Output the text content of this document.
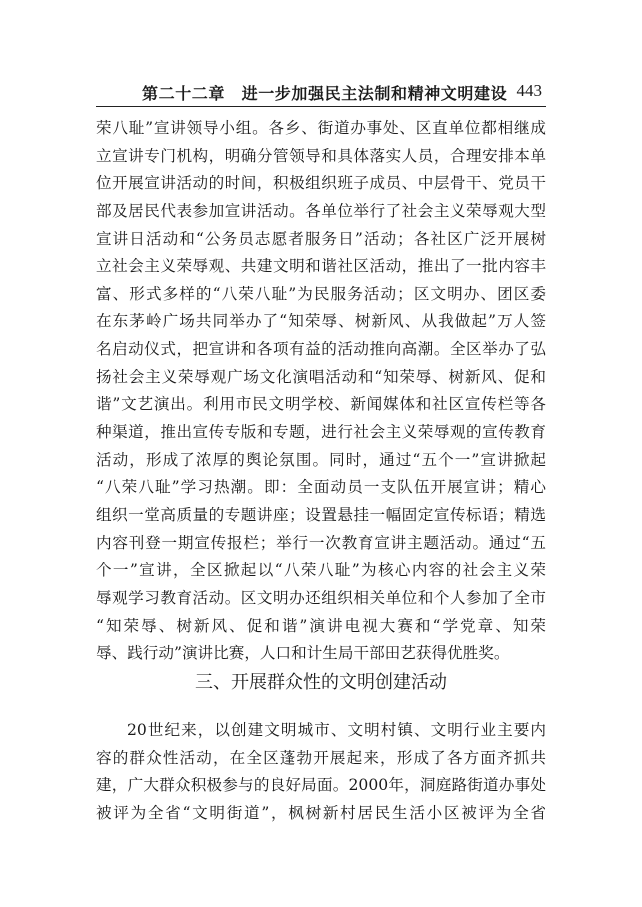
第二十二章　进一步加强民主法制和精神文明建设 443
荣八耻”宣讲领导小组。各乡、街道办事处、区直单位都相继成
立宣讲专门机构，明确分管领导和具体落实人员，合理安排本单
位开展宣讲活动的时间，积极组织班子成员、中层骨干、党员干
部及居民代表参加宣讲活动。各单位举行了社会主义荣辱观大型
宣讲日活动和“公务员志愿者服务日”活动；各社区广泛开展树
立社会主义荣辱观、共建文明和谐社区活动，推出了一批内容丰
富、形式多样的“八荣八耻”为民服务活动；区文明办、团区委
在东茅岭广场共同举办了“知荣辱、树新风、从我做起”万人签
名启动仪式，把宣讲和各项有益的活动推向高潮。全区举办了弘
扬社会主义荣辱观广场文化演唱活动和“知荣辱、树新风、促和
谐”文艺演出。利用市民文明学校、新闻媒体和社区宣传栏等各
种渠道，推出宣传专版和专题，进行社会主义荣辱观的宣传教育
活动，形成了浓厚的舆论氛围。同时，通过“五个一”宣讲掀起
“八荣八耻”学习热潮。即：全面动员一支队伍开展宣讲；精心
组织一堂高质量的专题讲座；设置悬挂一幅固定宣传标语；精选
内容刊登一期宣传报栏；举行一次教育宣讲主题活动。通过“五
个一”宣讲，全区掀起以“八荣八耻”为核心内容的社会主义荣
辱观学习教育活动。区文明办还组织相关单位和个人参加了全市
“知荣辱、树新风、促和谐”演讲电视大赛和“学党章、知荣
辱、践行动”演讲比赛，人口和计生局干部田艺获得优胜奖。
三、开展群众性的文明创建活动
20世纪来，以创建文明城市、文明村镇、文明行业主要内
容的群众性活动，在全区蓬勃开展起来，形成了各方面齐抓共
建，广大群众积极参与的良好局面。2000年，洞庭路街道办事处
被评为全省“文明街道”，枫树新村居民生活小区被评为全省
